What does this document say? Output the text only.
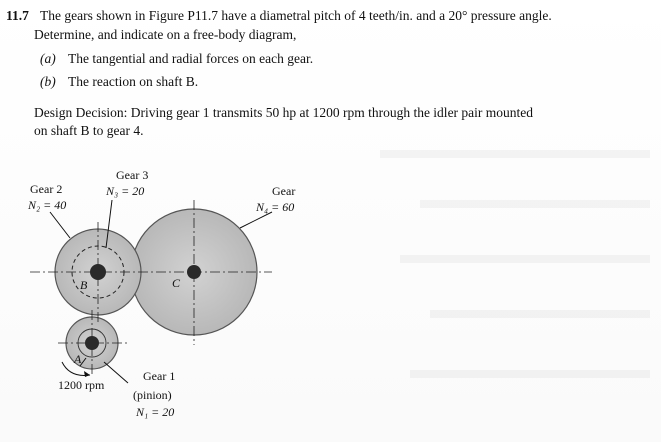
11.7 The gears shown in Figure P11.7 have a diametral pitch of 4 teeth/in. and a 20° pressure angle.
Determine, and indicate on a free-body diagram,
(a) The tangential and radial forces on each gear.
(b) The reaction on shaft B.
Design Decision: Driving gear 1 transmits 50 hp at 1200 rpm through the idler pair mounted
on shaft B to gear 4.
Gear 3
N₃ = 20
Gear 2
N₂ = 40
Gear
N₄ = 60
B	C
A
1200 rpm
Gear 1
(pinion)
N₁ = 20
